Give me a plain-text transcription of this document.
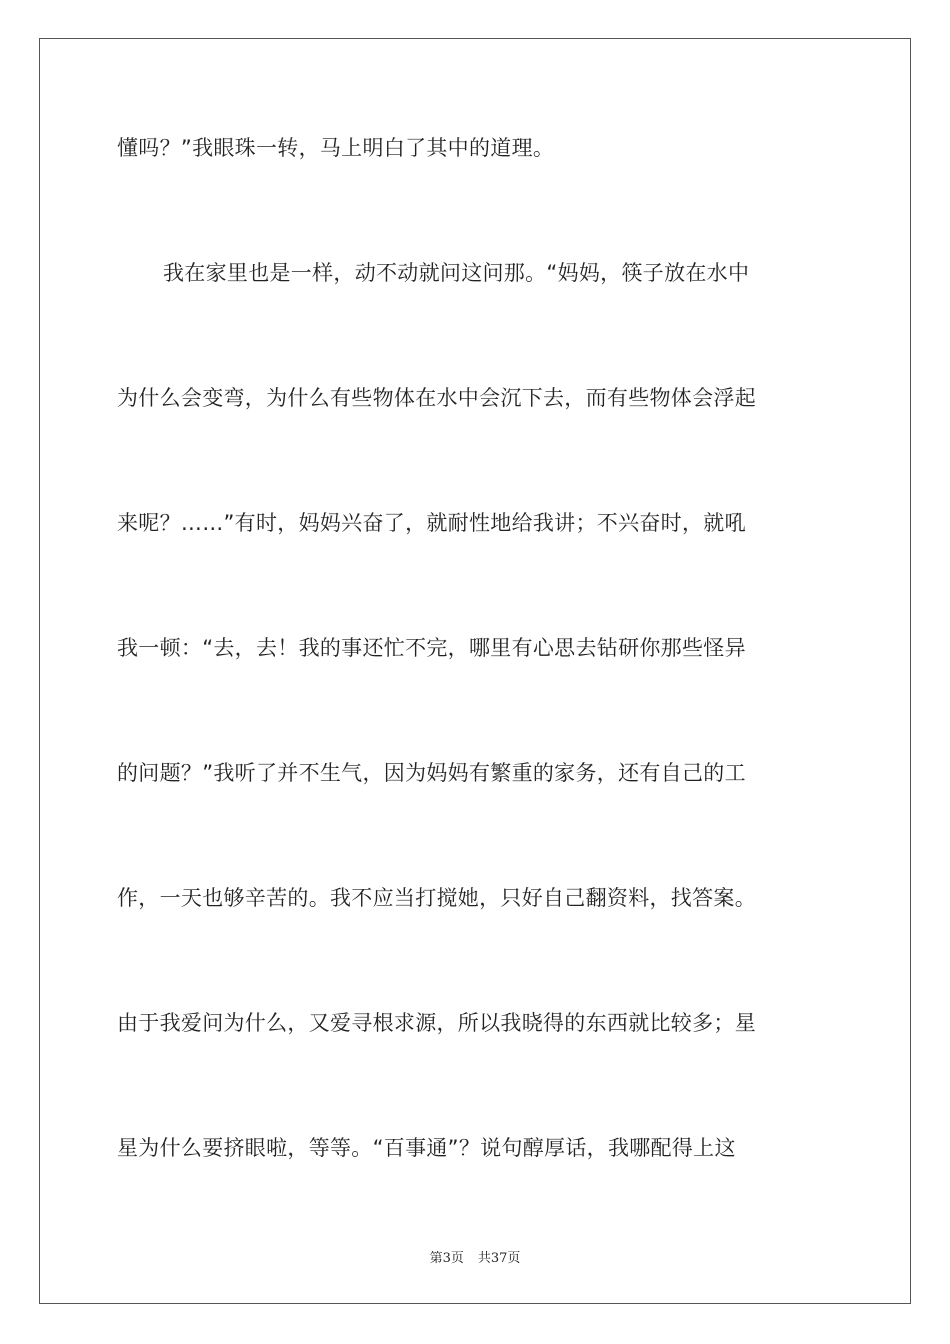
懂吗？”我眼珠一转，马上明白了其中的道理。
我在家里也是一样，动不动就问这问那。“妈妈，筷子放在水中
为什么会变弯，为什么有些物体在水中会沉下去，而有些物体会浮起
来呢？……”有时，妈妈兴奋了，就耐性地给我讲；不兴奋时，就吼
我一顿：“去，去！我的事还忙不完，哪里有心思去钻研你那些怪异
的问题？”我听了并不生气，因为妈妈有繁重的家务，还有自己的工
作，一天也够辛苦的。我不应当打搅她，只好自己翻资料，找答案。
由于我爱问为什么，又爱寻根求源，所以我晓得的东西就比较多；星
星为什么要挤眼啦，等等。“百事通”？说句醇厚话，我哪配得上这
第3页 共37页
